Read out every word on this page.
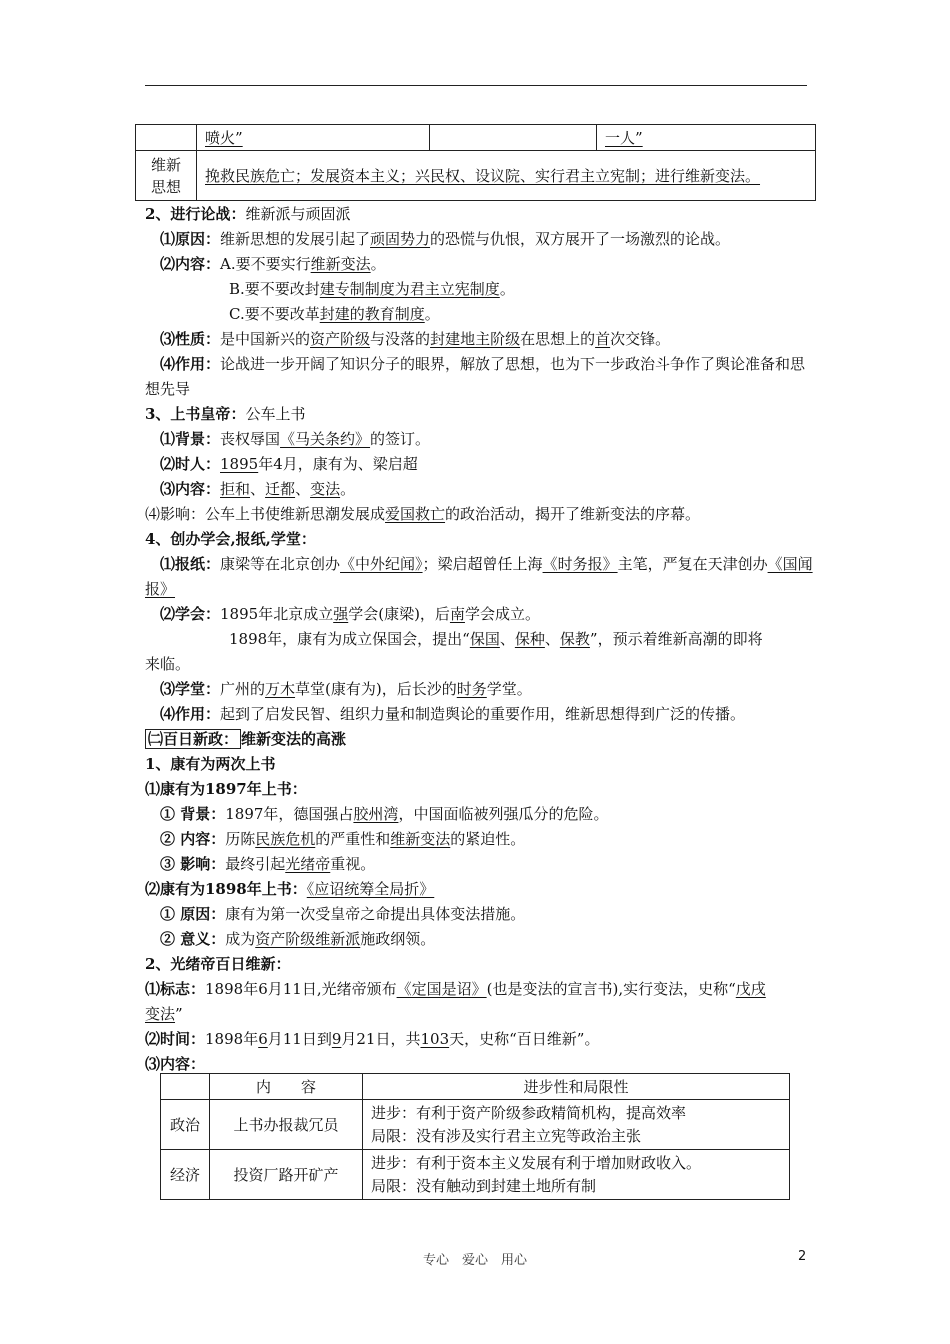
	喷火”		一人”

维新
思想	挽救民族危亡；发展资本主义；兴民权、设议院、实行君主立宪制；进行维新变法。		
2、进行论战：维新派与顽固派
⑴原因：维新思想的发展引起了顽固势力的恐慌与仇恨，双方展开了一场激烈的论战。
⑵内容：A.要不要实行维新变法。
B.要不要改封建专制制度为君主立宪制度。
C.要不要改革封建的教育制度。
⑶性质：是中国新兴的资产阶级与没落的封建地主阶级在思想上的首次交锋。
⑷作用：论战进一步开阔了知识分子的眼界，解放了思想，也为下一步政治斗争作了舆论准备和思
想先导
3、上书皇帝：公车上书
⑴背景：丧权辱国《马关条约》的签订。
⑵时人：1895年4月，康有为、梁启超
⑶内容：拒和、迁都、变法。
⑷影响：公车上书使维新思潮发展成爱国救亡的政治活动，揭开了维新变法的序幕。
4、创办学会,报纸,学堂：
⑴报纸：康梁等在北京创办《中外纪闻》；梁启超曾任上海《时务报》主笔，严复在天津创办《国闻
报》
⑵学会：1895年北京成立强学会(康梁)，后南学会成立。
1898年，康有为成立保国会，提出“保国、保种、保教”，预示着维新高潮的即将
来临。
⑶学堂：广州的万木草堂(康有为)，后长沙的时务学堂。
⑷作用：起到了启发民智、组织力量和制造舆论的重要作用，维新思想得到广泛的传播。
㈡百日新政： 维新变法的高涨
1、康有为两次上书
⑴康有为1897年上书：
① 背景：1897年，德国强占胶州湾，中国面临被列强瓜分的危险。
② 内容：历陈民族危机的严重性和维新变法的紧迫性。
③ 影响：最终引起光绪帝重视。
⑵康有为1898年上书：《应诏统筹全局折》
① 原因：康有为第一次受皇帝之命提出具体变法措施。
② 意义：成为资产阶级维新派施政纲领。
2、光绪帝百日维新：
⑴标志：1898年6月11日,光绪帝颁布《定国是诏》(也是变法的宣言书),实行变法，史称“戊戌
变法”
⑵时间：1898年6月11日到9月21日，共103天，史称“百日维新”。
⑶内容：
	内　　容	进步性和局限性
政治	上书办报裁冗员	进步：有利于资产阶级参政精简机构，提高效率
局限：没有涉及实行君主立宪等政治主张

经济	投资厂路开矿产	进步：有利于资本主义发展有利于增加财政收入。
局限：没有触动到封建土地所有制
专心　爱心　用心	2
